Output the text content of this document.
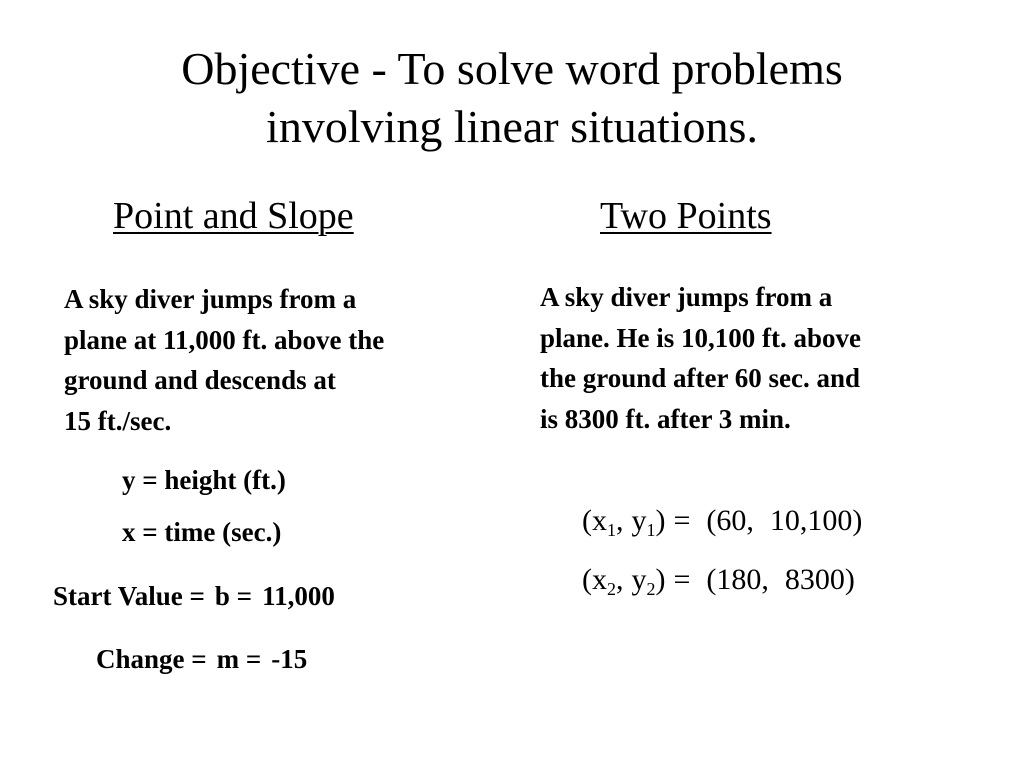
Objective - To solve word problems
involving linear situations.
Point and Slope	Two Points
A sky diver jumps from a
plane at 11,000 ft. above the
ground and descends at
15 ft./sec.
A sky diver jumps from a
plane. He is 10,100 ft. above
the ground after 60 sec. and
is 8300 ft. after 3 min.
y = height (ft.)
x = time (sec.)
Start Value = b = 11,000
Change = m = -15
($x_1$, $y_1) = (60$, 10,100)
($x_2$, $y_2) = (180$, 8300)
